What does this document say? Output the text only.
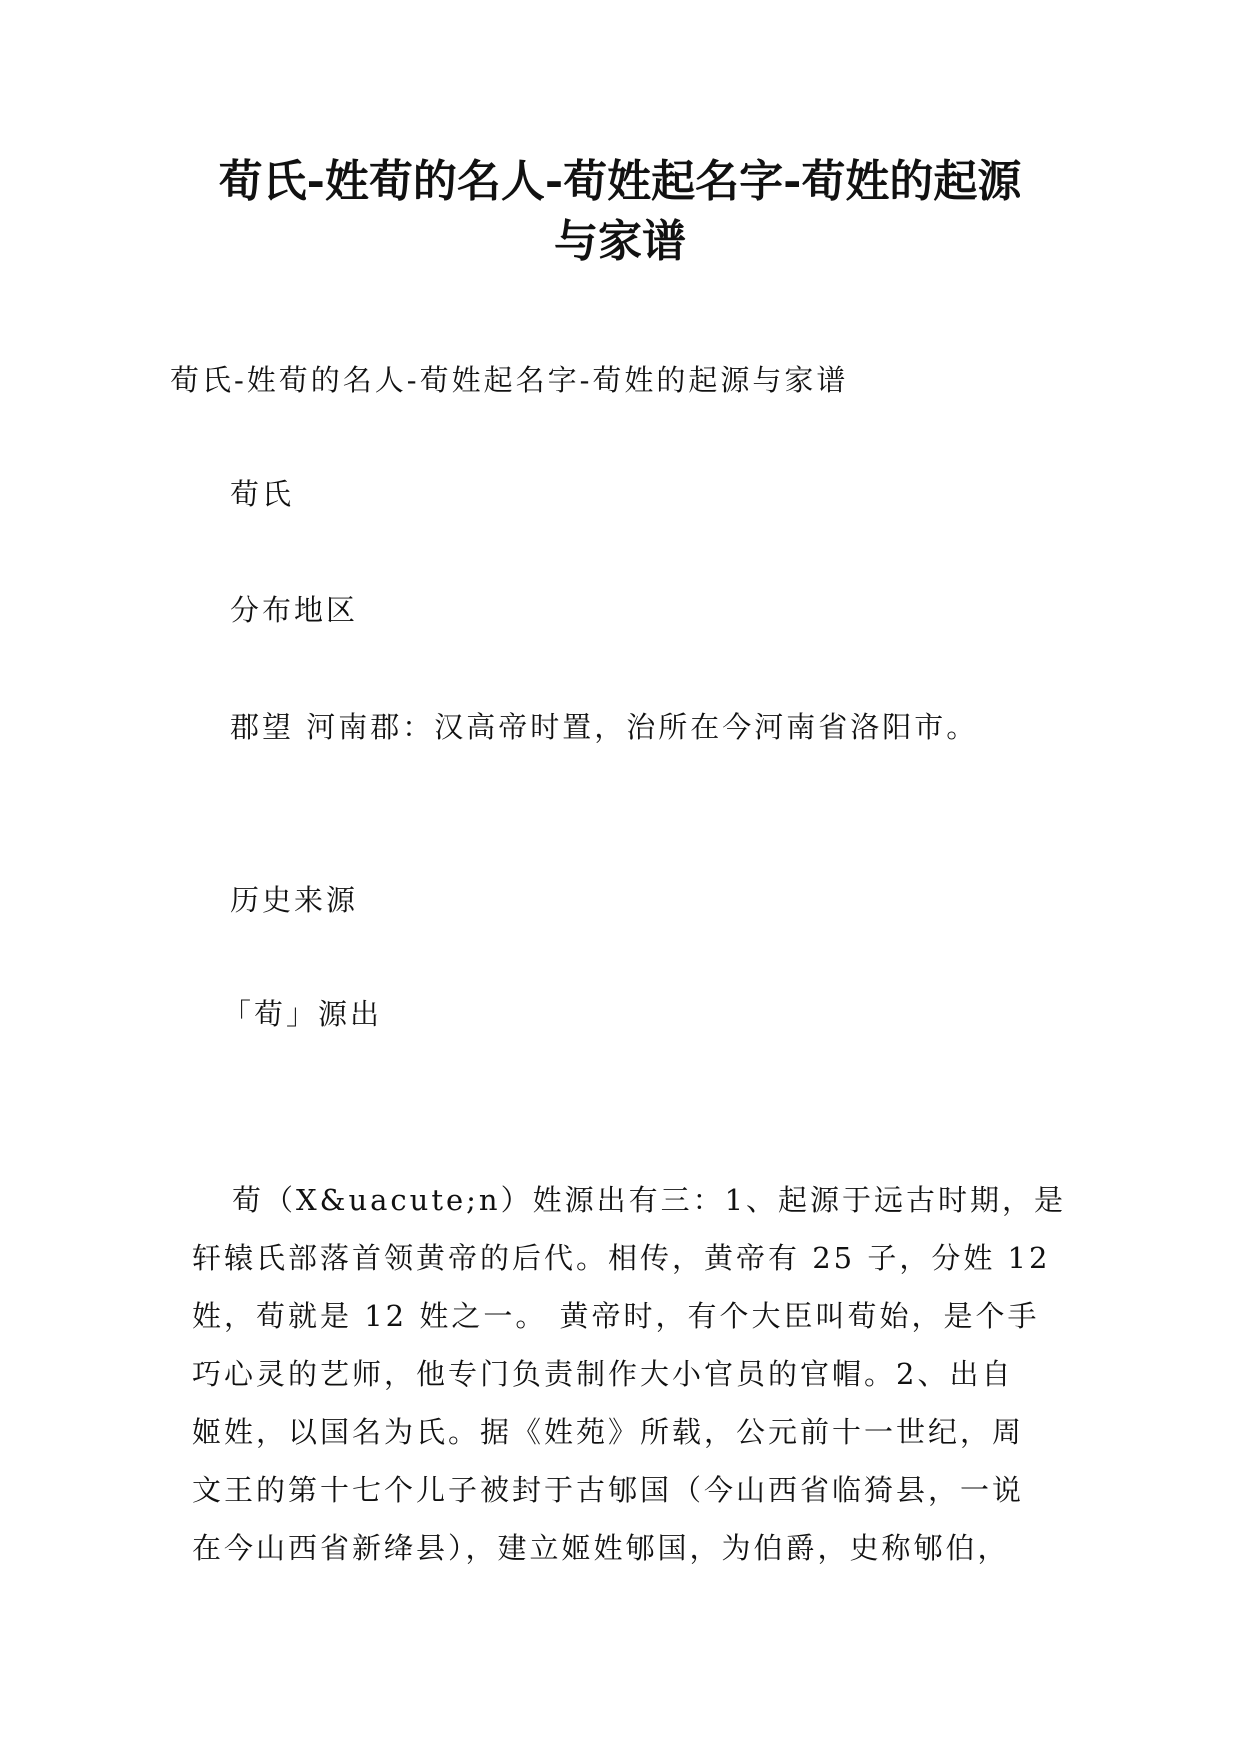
荀氏-姓荀的名人-荀姓起名字-荀姓的起源
与家谱

荀氏-姓荀的名人-荀姓起名字-荀姓的起源与家谱

荀氏

分布地区

郡望 河南郡：汉高帝时置，治所在今河南省洛阳市。

历史来源

「荀」源出

荀（X&uacute;n）姓源出有三：1、起源于远古时期，是
轩辕氏部落首领黄帝的后代。相传，黄帝有 25 子，分姓 12
姓，荀就是 12 姓之一。 黄帝时，有个大臣叫荀始，是个手
巧心灵的艺师，他专门负责制作大小官员的官帽。2、出自
姬姓，以国名为氏。据《姓苑》所载，公元前十一世纪，周
文王的第十七个儿子被封于古郇国（今山西省临猗县，一说
在今山西省新绛县），建立姬姓郇国，为伯爵，史称郇伯，
